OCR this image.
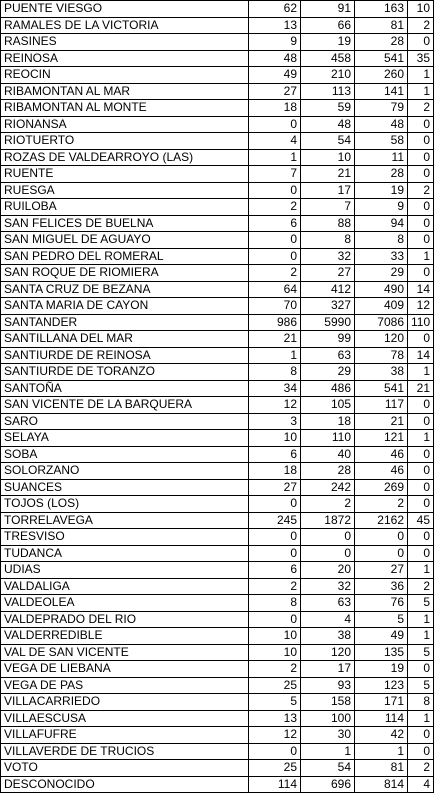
PUENTE VIESGO	62	91	163	10
RAMALES DE LA VICTORIA	13	66	81	2
RASINES	9	19	28	0
REINOSA	48	458	541	35
REOCIN	49	210	260	1
RIBAMONTAN AL MAR	27	113	141	1
RIBAMONTAN AL MONTE	18	59	79	2
RIONANSA	0	48	48	0
RIOTUERTO	4	54	58	0
ROZAS DE VALDEARROYO (LAS)	1	10	11	0
RUENTE	7	21	28	0
RUESGA	0	17	19	2
RUILOBA	2	7	9	0
SAN FELICES DE BUELNA	6	88	94	0
SAN MIGUEL DE AGUAYO	0	8	8	0
SAN PEDRO DEL ROMERAL	0	32	33	1
SAN ROQUE DE RIOMIERA	2	27	29	0
SANTA CRUZ DE BEZANA	64	412	490	14
SANTA MARIA DE CAYON	70	327	409	12
SANTANDER	986	5990	7086	110
SANTILLANA DEL MAR	21	99	120	0
SANTIURDE DE REINOSA	1	63	78	14
SANTIURDE DE TORANZO	8	29	38	1
SANTOÑA	34	486	541	21
SAN VICENTE DE LA BARQUERA	12	105	117	0
SARO	3	18	21	0
SELAYA	10	110	121	1
SOBA	6	40	46	0
SOLORZANO	18	28	46	0
SUANCES	27	242	269	0
TOJOS (LOS)	0	2	2	0
TORRELAVEGA	245	1872	2162	45
TRESVISO	0	0	0	0
TUDANCA	0	0	0	0
UDIAS	6	20	27	1
VALDALIGA	2	32	36	2
VALDEOLEA	8	63	76	5
VALDEPRADO DEL RIO	0	4	5	1
VALDERREDIBLE	10	38	49	1
VAL DE SAN VICENTE	10	120	135	5
VEGA DE LIEBANA	2	17	19	0
VEGA DE PAS	25	93	123	5
VILLACARRIEDO	5	158	171	8
VILLAESCUSA	13	100	114	1
VILLAFUFRE	12	30	42	0
VILLAVERDE DE TRUCIOS	0	1	1	0
VOTO	25	54	81	2
DESCONOCIDO	114	696	814	4
